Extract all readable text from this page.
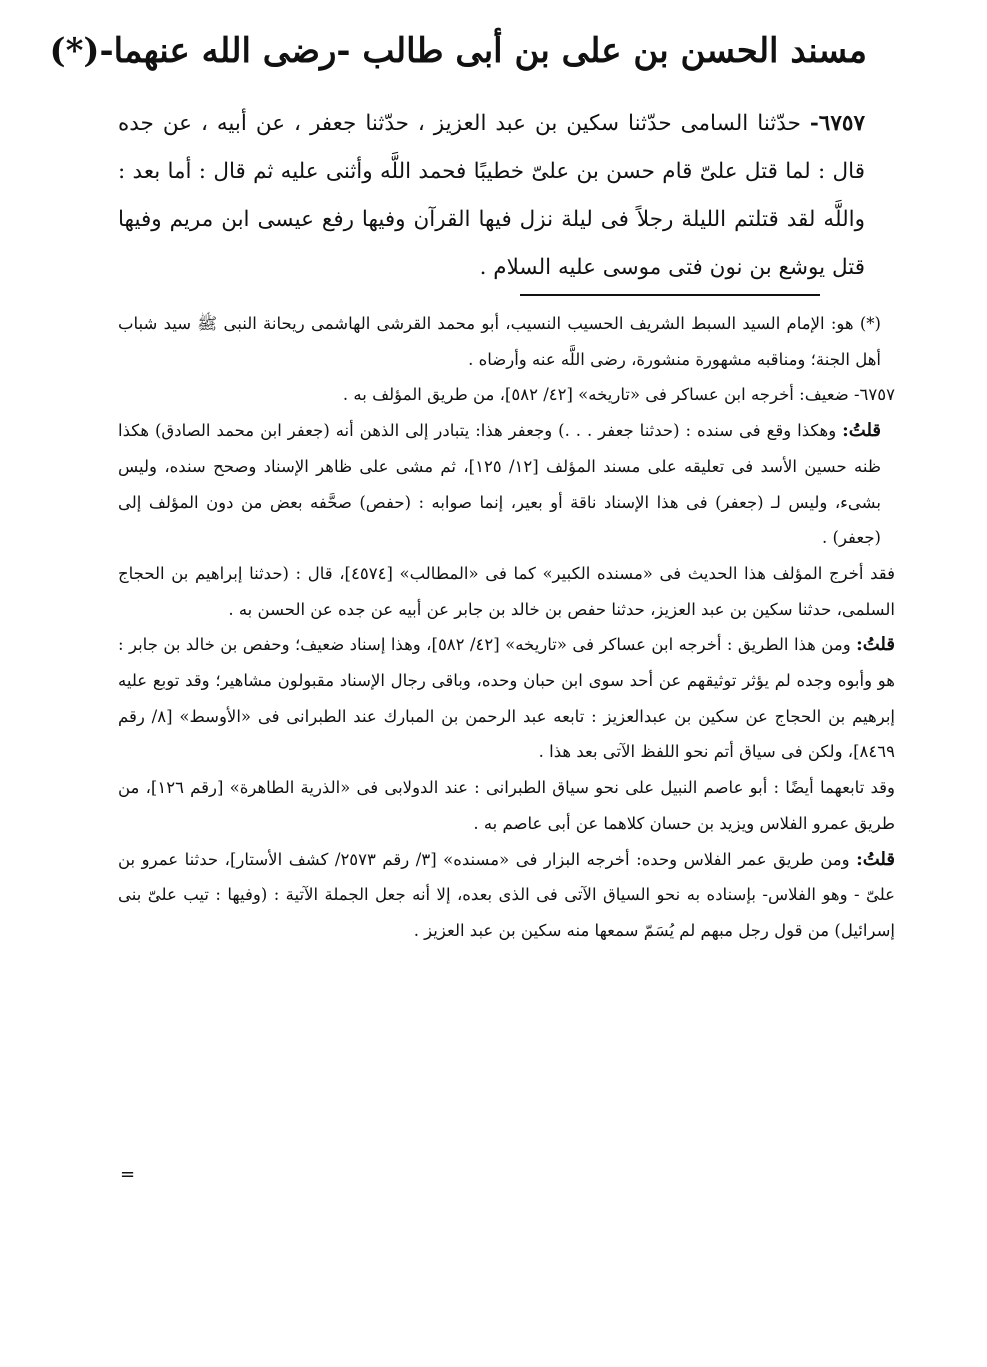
مسند الحسن بن على بن أبى طالب -رضى الله عنهما-(*)
٦٧٥٧- حدّثنا السامى حدّثنا سكين بن عبد العزيز ، حدّثنا جعفر ، عن أبيه ، عن جده قال : لما قتل علىّ قام حسن بن علىّ خطيبًا فحمد اللَّه وأثنى عليه ثم قال : أما بعد : واللَّه لقد قتلتم الليلة رجلاً فى ليلة نزل فيها القرآن وفيها رفع عيسى ابن مريم وفيها قتل يوشع بن نون فتى موسى عليه السلام .

(*) هو: الإمام السيد السبط الشريف الحسيب النسيب، أبو محمد القرشى الهاشمى ريحانة النبى ﷺ سيد شباب أهل الجنة؛ ومناقبه مشهورة منشورة، رضى اللَّه عنه وأرضاه .

٦٧٥٧- ضعيف: أخرجه ابن عساكر فى «تاريخه» [٤٢/ ٥٨٢]، من طريق المؤلف به .

قلتُ: وهكذا وقع فى سنده : (حدثنا جعفر . . .) وجعفر هذا: يتبادر إلى الذهن أنه (جعفر ابن محمد الصادق) هكذا ظنه حسين الأسد فى تعليقه على مسند المؤلف [١٢/ ١٢٥]، ثم مشى على ظاهر الإسناد وصحح سنده، وليس بشىء، وليس لـ (جعفر) فى هذا الإسناد ناقة أو بعير، إنما صوابه : (حفص) صحَّفه بعض من دون المؤلف إلى (جعفر) .

فقد أخرج المؤلف هذا الحديث فى «مسنده الكبير» كما فى «المطالب» [٤٥٧٤]، قال : (حدثنا إبراهيم بن الحجاج السلمى، حدثنا سكين بن عبد العزيز، حدثنا حفص بن خالد بن جابر عن أبيه عن جده عن الحسن به .

قلتُ: ومن هذا الطريق : أخرجه ابن عساكر فى «تاريخه» [٤٢/ ٥٨٢]، وهذا إسناد ضعيف؛ وحفص بن خالد بن جابر : هو وأبوه وجده لم يؤثر توثيقهم عن أحد سوى ابن حبان وحده، وباقى رجال الإسناد مقبولون مشاهير؛ وقد توبع عليه إبرهيم بن الحجاج عن سكين بن عبدالعزيز : تابعه عبد الرحمن بن المبارك عند الطبرانى فى «الأوسط» [٨/ رقم ٨٤٦٩]، ولكن فى سياق أتم نحو اللفظ الآتى بعد هذا .

وقد تابعهما أيضًا : أبو عاصم النبيل على نحو سياق الطبرانى : عند الدولابى فى «الذرية الطاهرة» [رقم ١٢٦]، من طريق عمرو الفلاس ويزيد بن حسان كلاهما عن أبى عاصم به .

قلتُ: ومن طريق عمر الفلاس وحده: أخرجه البزار فى «مسنده» [٣/ رقم ٢٥٧٣/ كشف الأستار]، حدثنا عمرو بن علىّ - وهو الفلاس- بإسناده به نحو السياق الآتى فى الذى بعده، إلا أنه جعل الجملة الآتية : (وفيها : تيب علىّ بنى إسرائيل) من قول رجل مبهم لم يُسَمّ سمعها منه سكين بن عبد العزيز .

=
